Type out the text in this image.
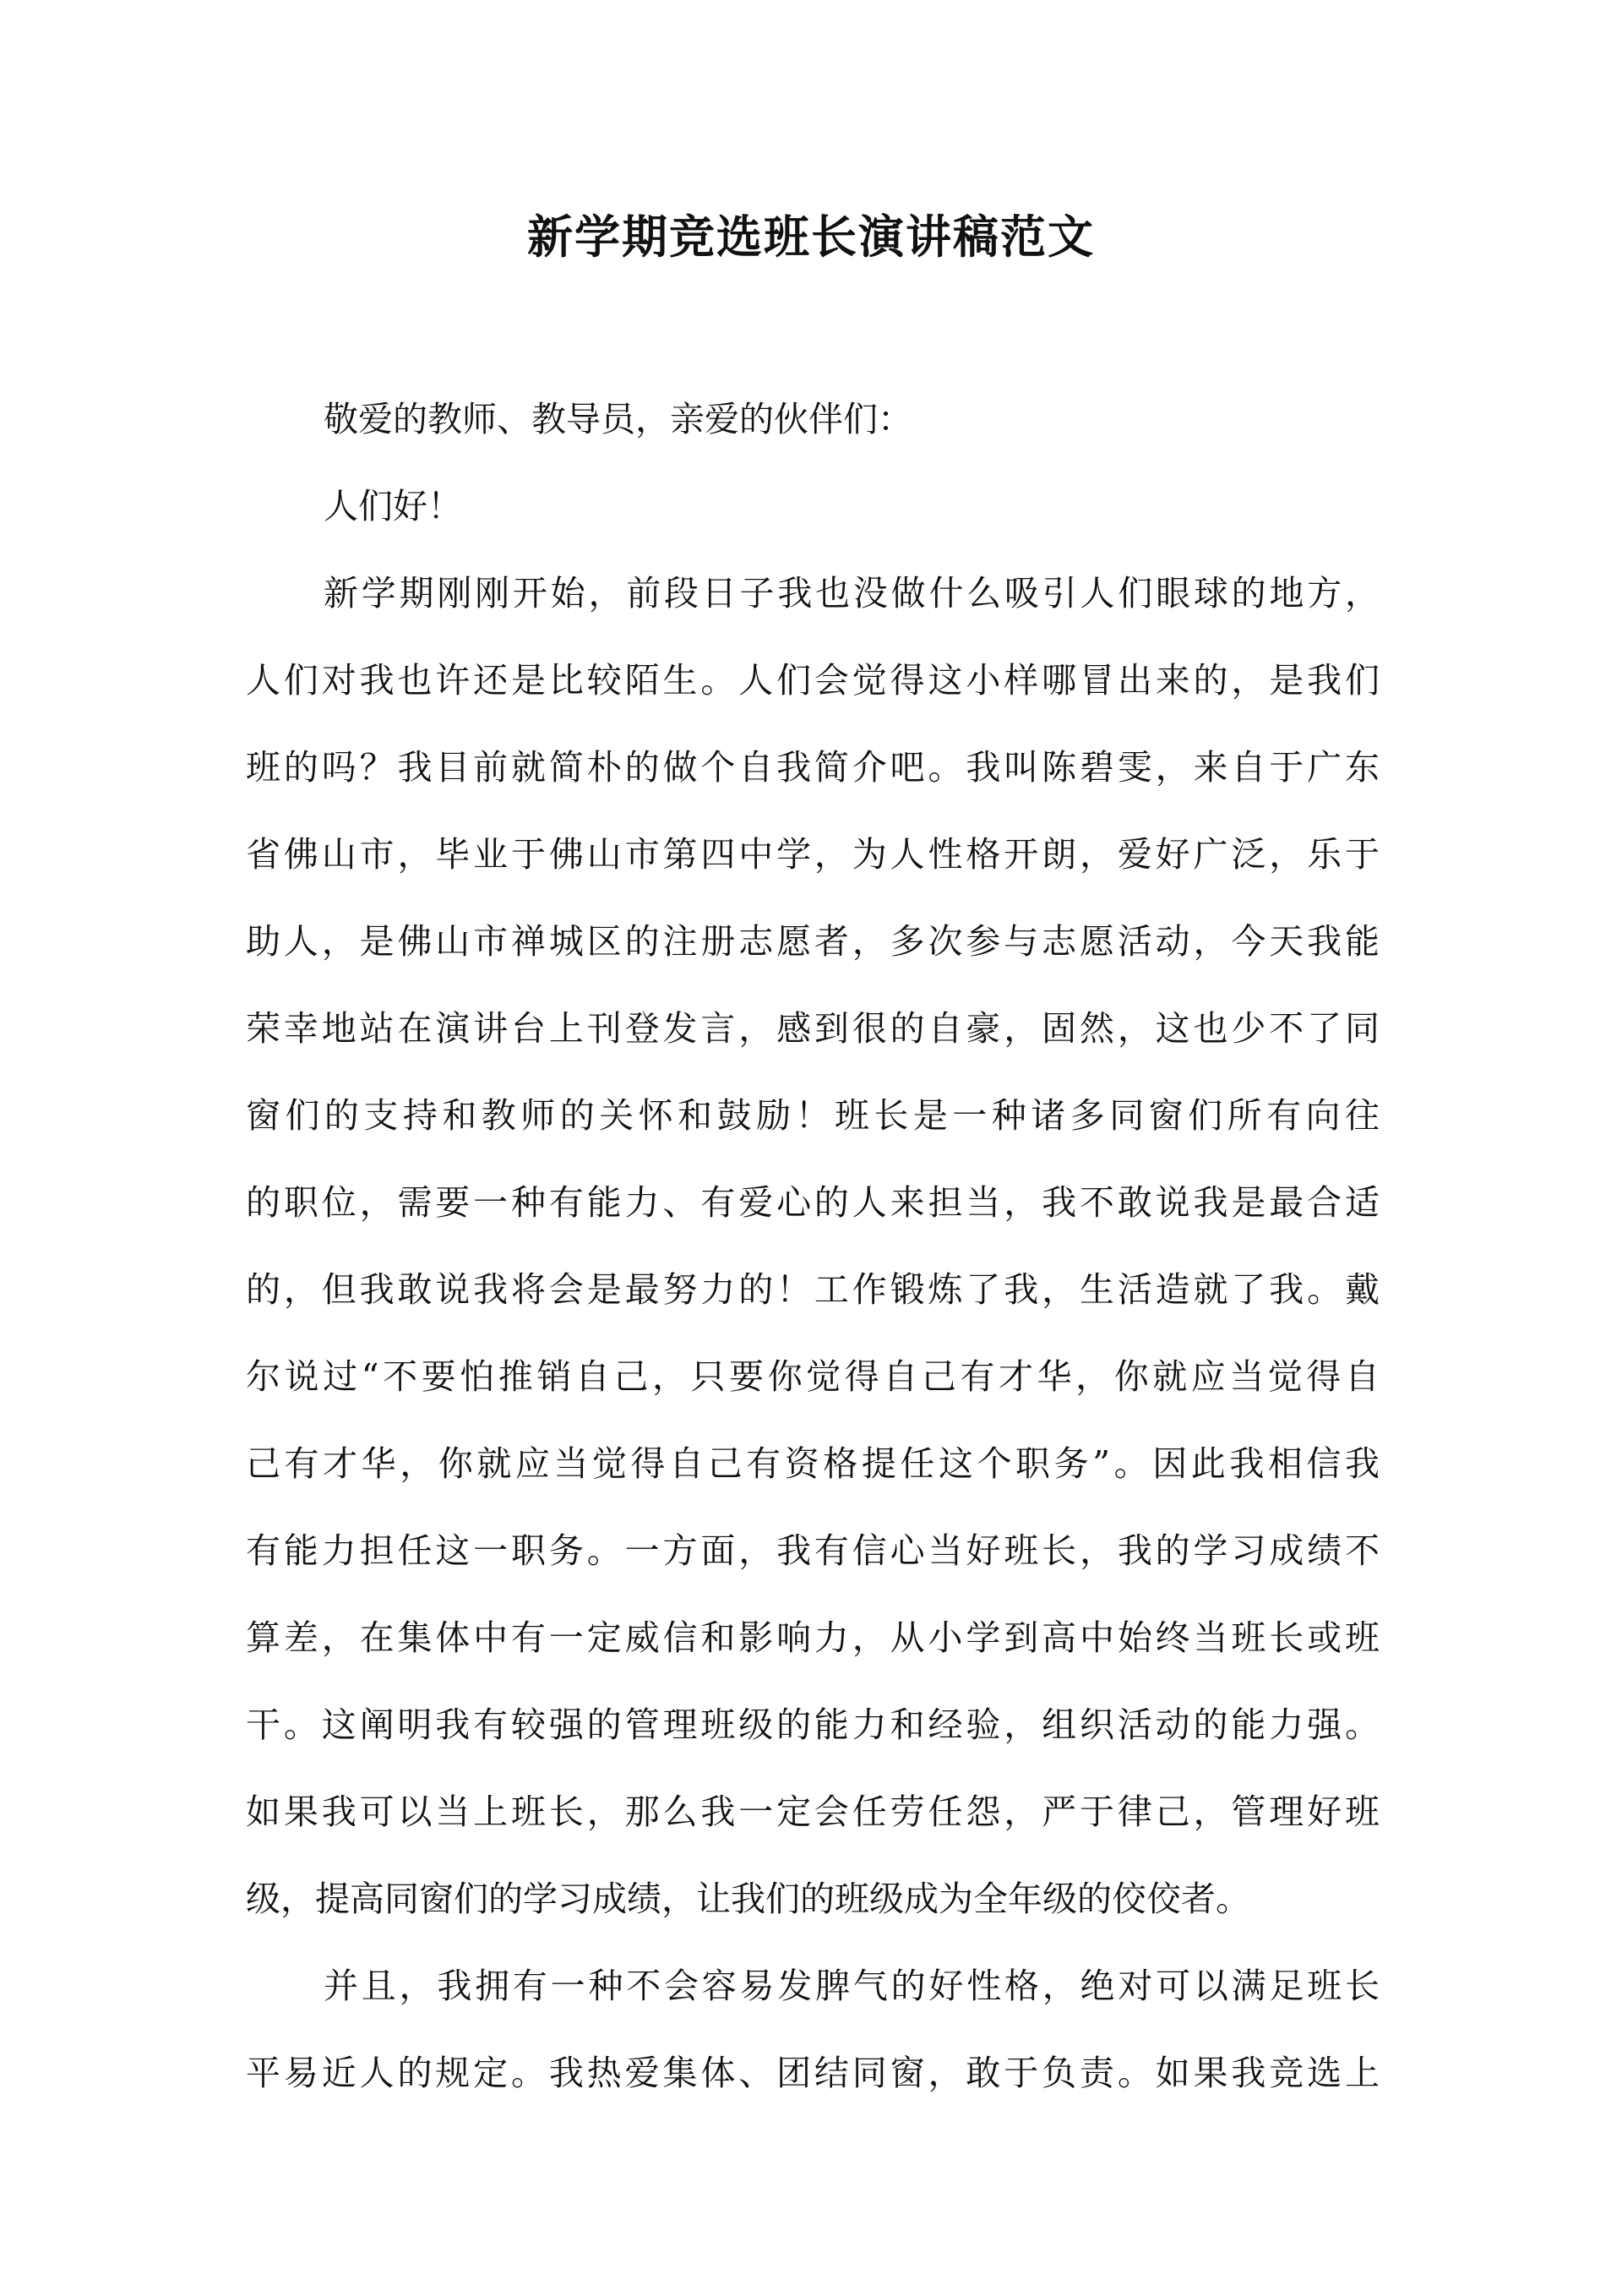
新学期竞选班长演讲稿范文
敬爱的教师、教导员，亲爱的伙伴们：
人们好！
新学期刚刚开始，前段日子我也没做什么吸引人们眼球的地方，
人们对我也许还是比较陌生。人们会觉得这小样哪冒出来的，是我们
班的吗？我目前就简朴的做个自我简介吧。我叫陈碧雯，来自于广东
省佛山市，毕业于佛山市第四中学，为人性格开朗，爱好广泛，乐于
助人，是佛山市禅城区的注册志愿者，多次参与志愿活动，今天我能
荣幸地站在演讲台上刊登发言，感到很的自豪，固然，这也少不了同
窗们的支持和教师的关怀和鼓励！班长是一种诸多同窗们所有向往
的职位，需要一种有能力、有爱心的人来担当，我不敢说我是最合适
的，但我敢说我将会是最努力的！工作锻炼了我，生活造就了我。戴
尔说过“不要怕推销自己，只要你觉得自己有才华，你就应当觉得自
己有才华，你就应当觉得自己有资格提任这个职务”。因此我相信我
有能力担任这一职务。一方面，我有信心当好班长，我的学习成绩不
算差，在集体中有一定威信和影响力，从小学到高中始终当班长或班
干。这阐明我有较强的管理班级的能力和经验，组织活动的能力强。
如果我可以当上班长，那么我一定会任劳任怨，严于律己，管理好班
级，提高同窗们的学习成绩，让我们的班级成为全年级的佼佼者。
并且，我拥有一种不会容易发脾气的好性格，绝对可以满足班长
平易近人的规定。我热爱集体、团结同窗，敢于负责。如果我竞选上
